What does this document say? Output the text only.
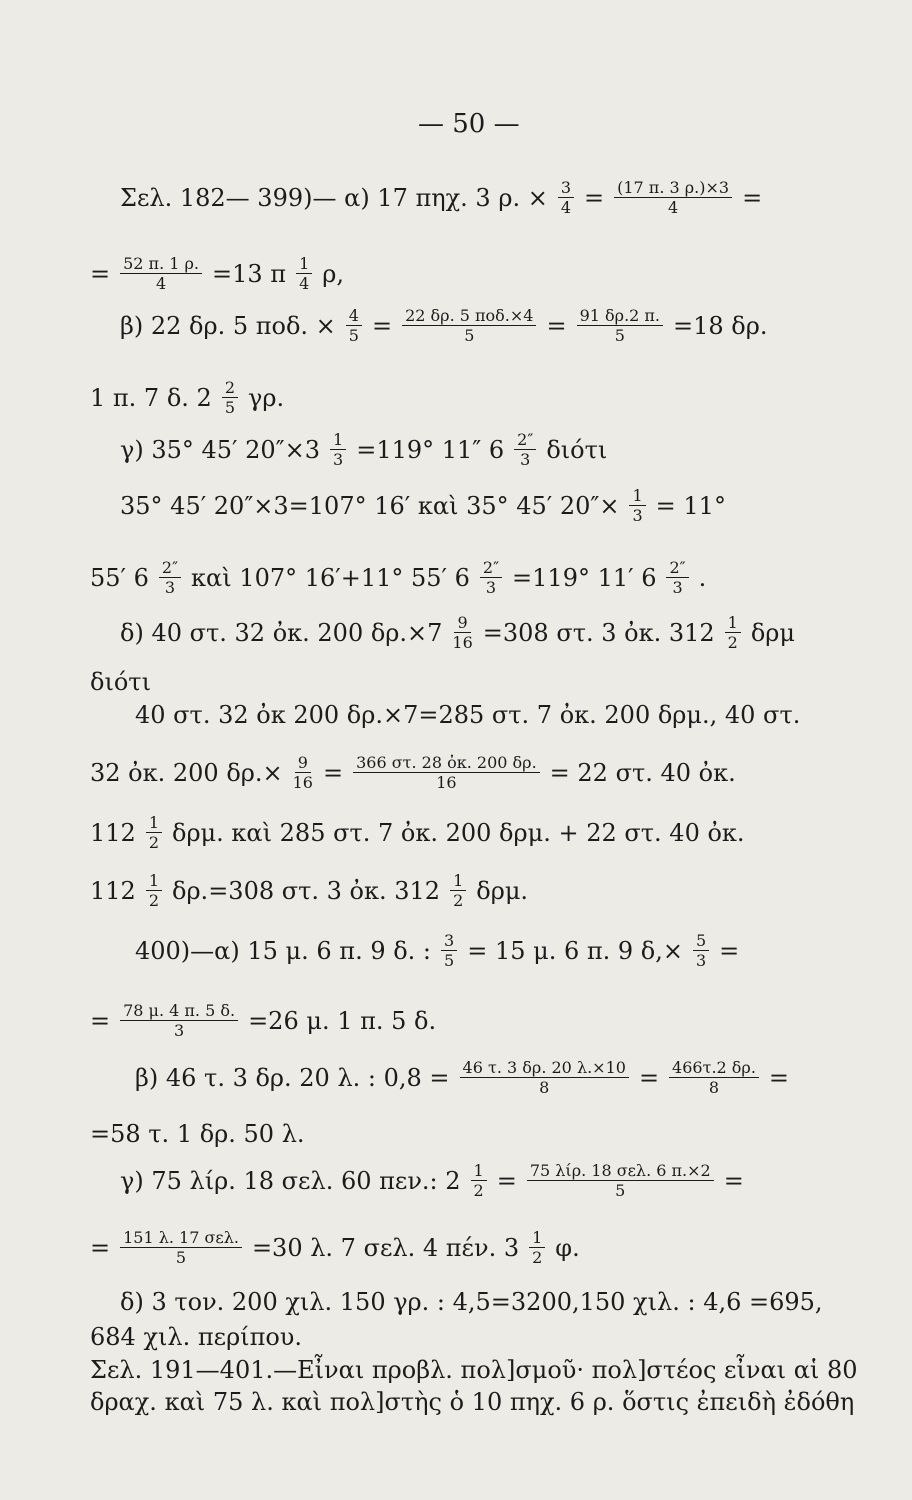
— 50 —
Σελ. 182— 399)— α) 17 πηχ. 3 ρ. × $\frac{3}{4} = \frac{(17 \pi. 3 \rho.)\times 3}{4}$ =
= $\frac{52 \pi. 1 \rho.}{4} =13$ π $\frac{1}{4} \rho$,
β) 22 δρ. 5 ποδ. × $\frac{4}{5} = 22$ δρ. 5 ποδ.×4
5	= $\frac{91 \delta\rho.2 \pi.}{5} =18$ δρ.
1 π. 7 δ. $2 \frac{2}{5} \gamma\rho$.
γ) 35° 45′ $20''\times 3 \frac{1}{3} =119^\circ$ 11″ $6 \frac{2''}{3}$ διότι
35° 45′ 20″×3=107° 16′ καὶ 35° 45′ $20''\times \frac{1}{3} = 11^\circ$
55′ $6 \frac{2''}{3}$ καὶ 107° 16′+11° 55′ $6 \frac{2''}{3} =119^\circ$ 11′ $6 \frac{2''}{3}$ .
δ) 40 στ. 32 ὀκ. 200 $\delta\rho.\times 7 \frac{9}{16} =308$ στ. 3 ὀκ. $312 \frac{1}{2}$ δρμ
διότι
40 στ. 32 ὀκ 200 δρ.×7=285 στ. 7 ὀκ. 200 δρμ., 40 στ.
32 ὀκ. 200 $\delta\rho.\times \frac{9}{16} = \frac{\text{366 στ. 28 ὀκ. 200 δρ.}}{16} = 22$ στ. 40 ὀκ.
$112 \frac{1}{2} \delta\rho\mu$. καὶ 285 στ. 7 ὀκ. 200 δρμ. + 22 στ. 40 ὀκ.
$112 \frac{1}{2} \delta\rho.=308$ στ. 3 ὀκ. $312 \frac{1}{2} \delta\rho\mu$.
400)—α) 15 μ. 6 π. 9 δ. : $\frac{3}{5} = 15$ μ. 6 π. 9 $\delta,\times \frac{5}{3}$ =
= $\frac{78 \mu. 4 \pi. 5 \delta.}{3} =26$ μ. 1 π. 5 δ.
β) 46 τ. 3 δρ. 20 λ. : $0,8 = \frac{46 \tau. 3 \delta\rho. 20 \lambda.\times 10}{8} = \frac{466\tau.2 \delta\rho.}{8}$ =
=58 τ. 1 δρ. 50 λ.
γ) 75 λίρ. 18 σελ. 60 πεν.: $2 \frac{1}{2} = 75$ λίρ. 18 σελ. 6 π.×2
5	=
= 151 λ. 17 σελ.
5	=30 λ. 7 σελ. 4 πέν. $3 \frac{1}{2} \varphi$.
δ) 3 τον. 200 χιλ. 150 γρ. : 4,5=3200,150 χιλ. : 4,6 =695,
684 χιλ. περίπου.
Σελ. 191—401.—Εἶναι προβλ. πολ]σμοῦ· πολ]στέος εἶναι αἱ 80
δραχ. καὶ 75 λ. καὶ πολ]στὴς ὁ 10 πηχ. 6 ρ. ὅστις ἐπειδὴ ἐδόθη
